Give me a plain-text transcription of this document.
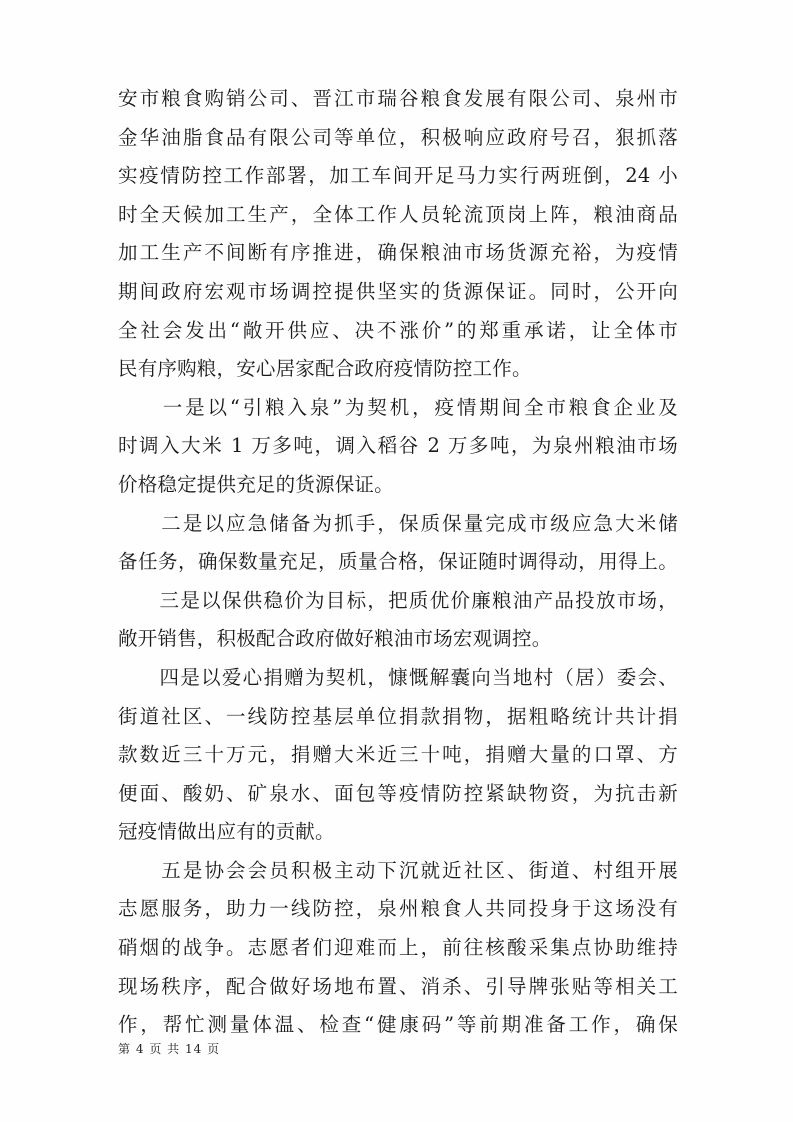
安市粮食购销公司、晋江市瑞谷粮食发展有限公司、泉州市
金华油脂食品有限公司等单位，积极响应政府号召，狠抓落
实疫情防控工作部署，加工车间开足马力实行两班倒，24 小
时全天候加工生产，全体工作人员轮流顶岗上阵，粮油商品
加工生产不间断有序推进，确保粮油市场货源充裕，为疫情
期间政府宏观市场调控提供坚实的货源保证。同时，公开向
全社会发出“敞开供应、决不涨价”的郑重承诺，让全体市
民有序购粮，安心居家配合政府疫情防控工作。
　　一是以“引粮入泉”为契机，疫情期间全市粮食企业及
时调入大米 1 万多吨，调入稻谷 2 万多吨，为泉州粮油市场
价格稳定提供充足的货源保证。
　　二是以应急储备为抓手，保质保量完成市级应急大米储
备任务，确保数量充足，质量合格，保证随时调得动，用得上。
　　三是以保供稳价为目标，把质优价廉粮油产品投放市场，
敞开销售，积极配合政府做好粮油市场宏观调控。
　　四是以爱心捐赠为契机，慷慨解囊向当地村（居）委会、
街道社区、一线防控基层单位捐款捐物，据粗略统计共计捐
款数近三十万元，捐赠大米近三十吨，捐赠大量的口罩、方
便面、酸奶、矿泉水、面包等疫情防控紧缺物资，为抗击新
冠疫情做出应有的贡献。
　　五是协会会员积极主动下沉就近社区、街道、村组开展
志愿服务，助力一线防控，泉州粮食人共同投身于这场没有
硝烟的战争。志愿者们迎难而上，前往核酸采集点协助维持
现场秩序，配合做好场地布置、消杀、引导牌张贴等相关工
作，帮忙测量体温、检查“健康码”等前期准备工作，确保
第 4 页 共 14 页
